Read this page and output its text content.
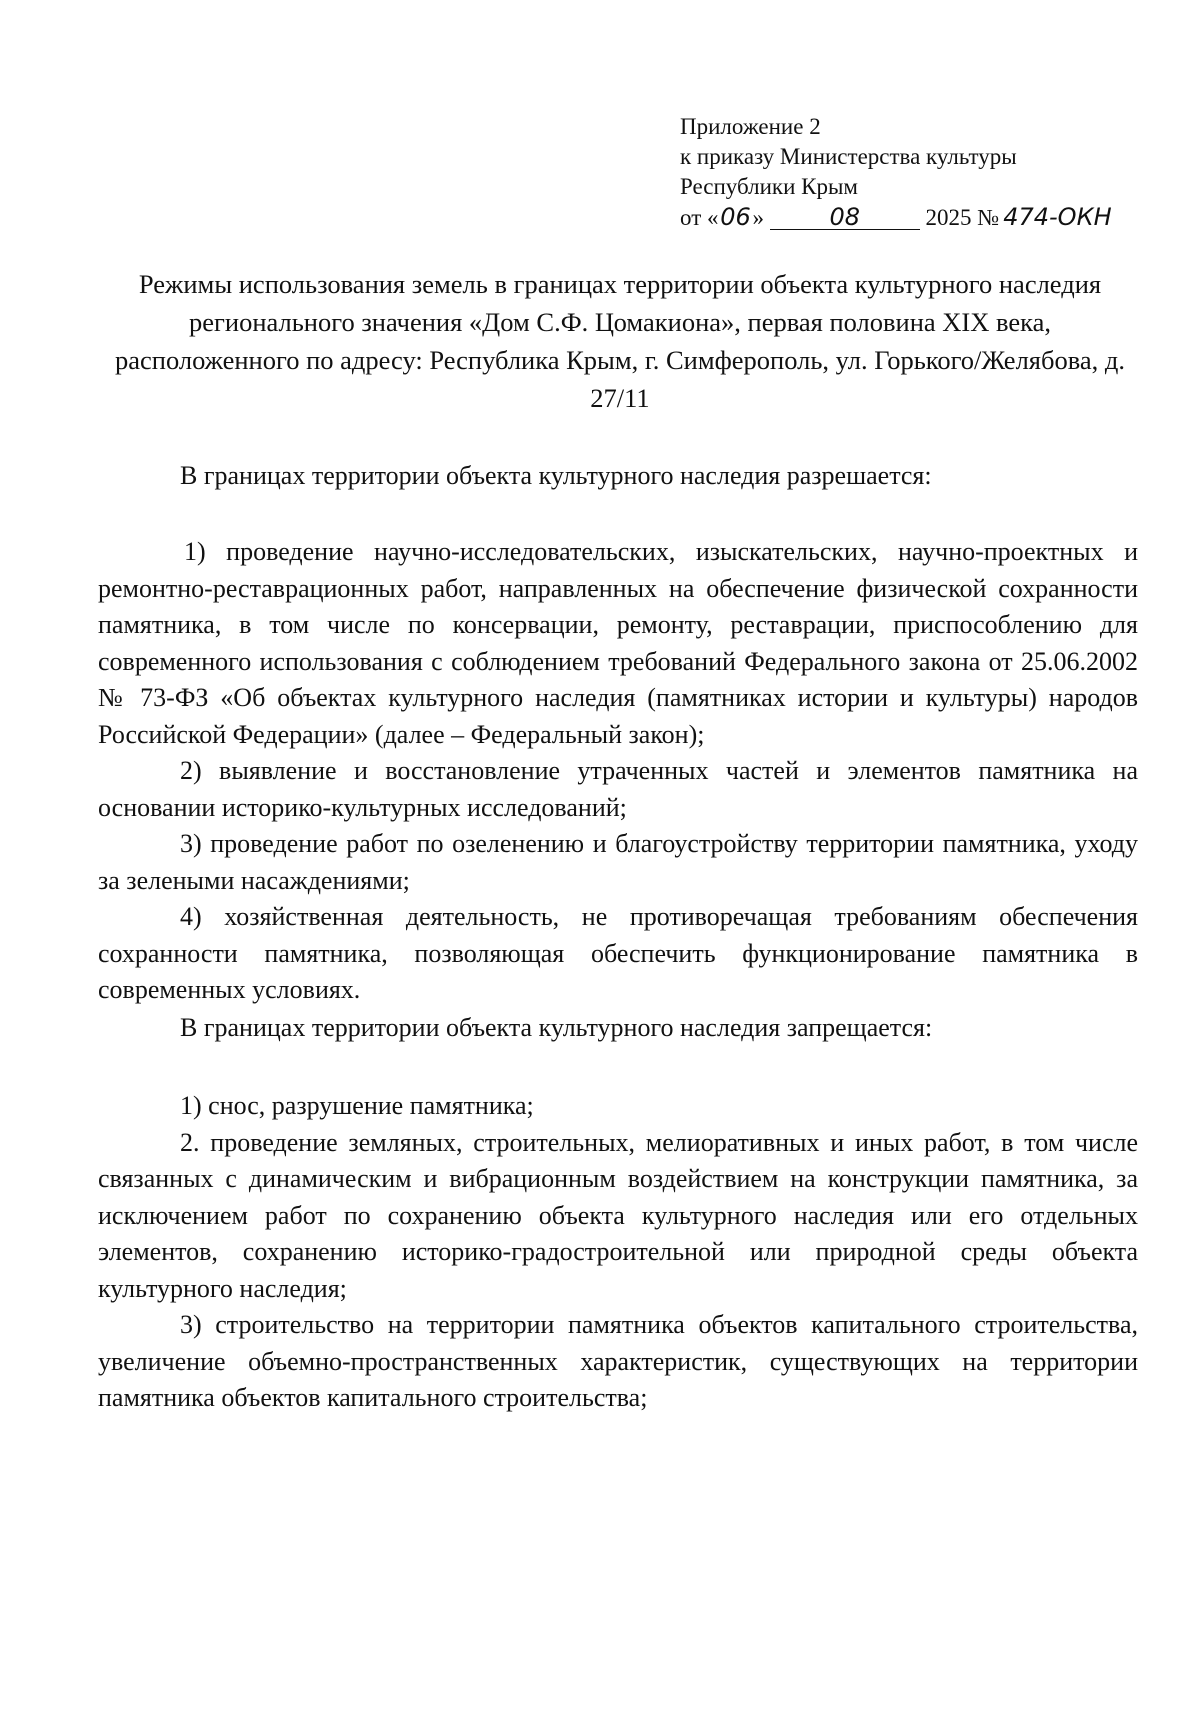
Приложение 2
к приказу Министерства культуры
Республики Крым
от «06»	08	2025 № 474-ОКН
Режимы использования земель в границах территории объекта культурного наследия регионального значения «Дом С.Ф. Цомакиона», первая половина XIX века, расположенного по адресу: Республика Крым, г. Симферополь, ул. Горького/Желябова, д. 27/11
В границах территории объекта культурного наследия разрешается:

1) проведение научно-исследовательских, изыскательских, научно-проектных и ремонтно-реставрационных работ, направленных на обеспечение физической сохранности памятника, в том числе по консервации, ремонту, реставрации, приспособлению для современного использования с соблюдением требований Федерального закона от 25.06.2002 № 73-ФЗ «Об объектах культурного наследия (памятниках истории и культуры) народов Российской Федерации» (далее – Федеральный закон);

2) выявление и восстановление утраченных частей и элементов памятника на основании историко-культурных исследований;

3) проведение работ по озеленению и благоустройству территории памятника, уходу за зелеными насаждениями;

4) хозяйственная деятельность, не противоречащая требованиям обеспечения сохранности памятника, позволяющая обеспечить функционирование памятника в современных условиях.

В границах территории объекта культурного наследия запрещается:

1) снос, разрушение памятника;

2. проведение земляных, строительных, мелиоративных и иных работ, в том числе связанных с динамическим и вибрационным воздействием на конструкции памятника, за исключением работ по сохранению объекта культурного наследия или его отдельных элементов, сохранению историко-градостроительной или природной среды объекта культурного наследия;

3) строительство на территории памятника объектов капитального строительства, увеличение объемно-пространственных характеристик, существующих на территории памятника объектов капитального строительства;
